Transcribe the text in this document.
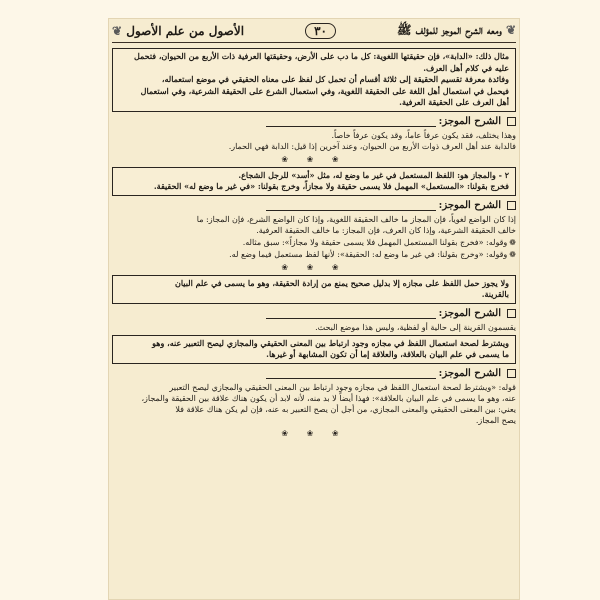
❦ ومعه الشرح الموجز للمؤلف ﷺ
٣٠
الأصول من علم الأصول ❦
مثال ذلك: «الدابة»، فإن حقيقتها اللغوية: كل ما دب على الأرض، وحقيقتها العرفية ذات الأربع من الحيوان، فتحمل عليه في كلام أهل العرف.
وفائدة معرفة تقسيم الحقيقة إلى ثلاثة أقسام أن تحمل كل لفظ على معناه الحقيقي في موضع استعماله،
فيحمل في استعمال أهل اللغة على الحقيقة اللغوية، وفي استعمال الشرع على الحقيقة الشرعية، وفي استعمال
أهل العرف على الحقيقة العرفية.
الشرح الموجز:
وهذا يختلف، فقد يكون عرفاً عاماً، وقد يكون عرفاً خاصاً.
فالدابة عند أهل العرف ذوات الأربع من الحيوان، وعند آخرين إذا قيل: الدابة فهي الحمار.
❀ ❀ ❀
٢ - والمجاز هو: اللفظ المستعمل في غير ما وضع له، مثل «أسد» للرجل الشجاع.
فخرج بقولنا: «المستعمل» المهمل فلا يسمى حقيقة ولا مجازاً، وخرج بقولنا: «في غير ما وضع له» الحقيقة.
الشرح الموجز:
إذا كان الواضع لغوياً، فإن المجاز ما خالف الحقيقة اللغوية، وإذا كان الواضع الشرع، فإن المجاز: ما
خالف الحقيقة الشرعية، وإذا كان العرف، فإن المجاز: ما خالف الحقيقة العرفية.
❁وقوله: «فخرج بقولنا المستعمل المهمل فلا يسمى حقيقة ولا مجازاً»: سبق مثاله.
❁وقوله: «وخرج بقولنا: في غير ما وضع له: الحقيقة»: لأنها لفظ مستعمل فيما وضع له.
❀ ❀ ❀
ولا يجوز حمل اللفظ على مجازه إلا بدليل صحيح يمنع من إرادة الحقيقة، وهو ما يسمى في علم البيان
بالقرينة.
الشرح الموجز:
يقسمون القرينة إلى حالية أو لفظية، وليس هذا موضع البحث.
ويشترط لصحة استعمال اللفظ في مجازه وجود ارتباط بين المعنى الحقيقي والمجازي ليصح التعبير عنه، وهو
ما يسمى في علم البيان بالعلاقة، والعلاقة إما أن تكون المشابهة أو غيرها.
الشرح الموجز:
قوله: «ويشترط لصحة استعمال اللفظ في مجازه وجود ارتباط بين المعنى الحقيقي والمجازي ليصح التعبير
عنه، وهو ما يسمى في علم البيان بالعلاقة»: فهذا أيضاً لا بد منه، لأنه لابد أن يكون هناك علاقة بين الحقيقة والمجاز،
يعني: بين المعنى الحقيقي والمعنى المجازي، من أجل أن يصح التعبير به عنه، فإن لم يكن هناك علاقة فلا
يصح المجاز.
❀ ❀ ❀
